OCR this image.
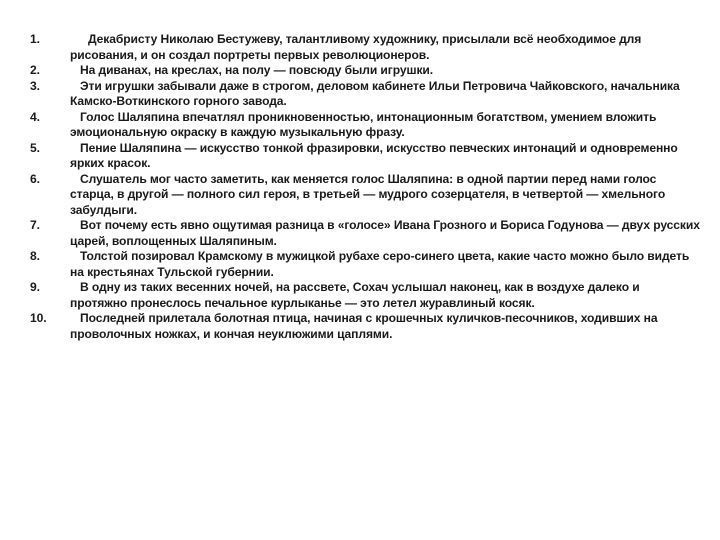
1.	Декабристу Николаю Бестужеву, талантливому художнику, присылали всё необходимое для рисования, и он создал портреты первых революционеров.
2.	На диванах, на креслах, на полу — повсюду были игрушки.
3.	Эти игрушки забывали даже в строгом, деловом кабинете Ильи Петровича Чайковского, начальника Камско-Воткинского горного завода.
4.	Голос Шаляпина впечатлял проникновенностью, интонационным богатством, умением вложить эмоциональную окраску в каждую музыкальную фразу.
5.	Пение Шаляпина — искусство тонкой фразировки, искусство певческих интонаций и одновременно ярких красок.
6.	Слушатель мог часто заметить, как меняется голос Шаляпина: в одной партии перед нами голос старца, в другой — полного сил героя, в третьей — мудрого созерцателя, в четвертой — хмельного забулдыги.
7.	Вот почему есть явно ощутимая разница в «голосе» Ивана Грозного и Бориса Годунова — двух русских царей, воплощенных Шаляпиным.
8.	Толстой позировал Крамскому в мужицкой рубахе серо-синего цвета, какие часто можно было видеть на крестьянах Тульской губернии.
9.	В одну из таких весенних ночей, на рассвете, Сохач услышал наконец, как в воздухе далеко и протяжно пронеслось печальное курлыканье — это летел журавлиный косяк.
10.	Последней прилетала болотная птица, начиная с крошечных куличков-песочников, ходивших на проволочных ножках, и кончая неуклюжими цаплями.
